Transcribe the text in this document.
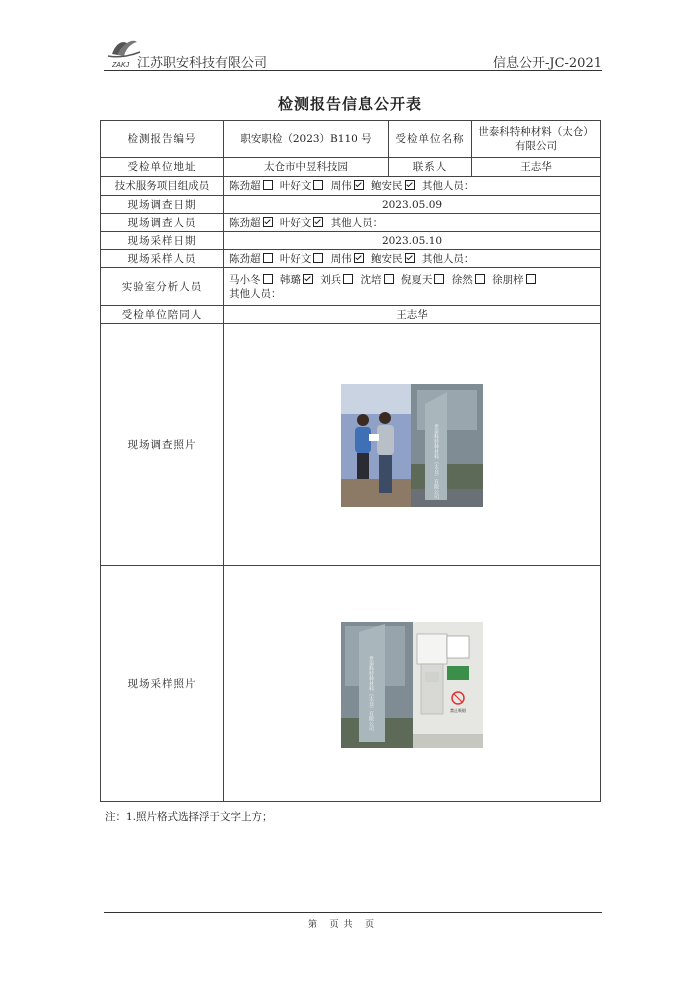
ZAKJ 江苏职安科技有限公司	信息公开-JC-2021
检测报告信息公开表
检测报告编号	职安职检（2023）B110 号	受检单位名称	世泰科特种材料（太仓）有限公司
受检单位地址	太仓市中昱科技园	联系人	王志华
技术服务项目组成员	陈劲超 叶好文 周伟 鲍安民 其他人员：		
现场调查日期	2023.05.09		
现场调查人员	陈劲超 叶好文 其他人员：		
现场采样日期	2023.05.10		
现场采样人员	陈劲超 叶好文 周伟 鲍安民 其他人员：		
实验室分析人员	马小冬 韩璐 刘兵 沈培 倪夏天 徐然 徐朋梓
其他人员：		
受检单位陪同人	王志华		
现场调查照片	世泰科特种材料（太仓）有限公司		

现场采样照片	世泰科特种材料（太仓）有限公司 禁止吸烟		
注：1.照片格式选择浮于文字上方；
第   页 共   页
